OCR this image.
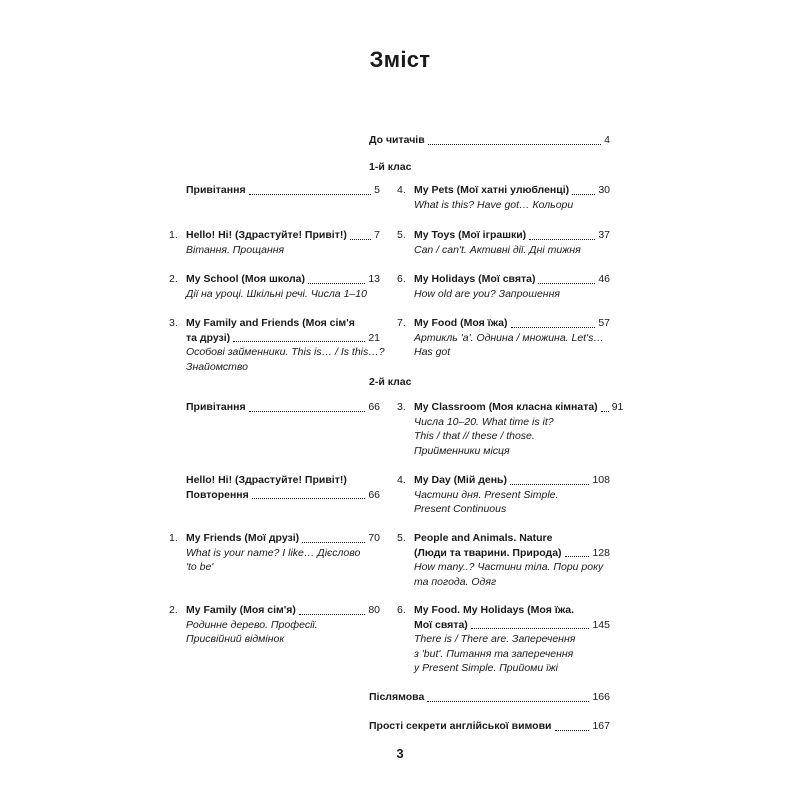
Зміст
До читачів	4
1-й клас
Привітання	5
1. Hello! Hi! (Здрастуйте! Привіт!)	7
Вітання. Прощання
2. My School (Моя школа)	13
Дії на уроці. Шкільні речі. Числа 1–10
3. My Family and Friends (Моя сім'я
та друзі)	21
Особові займенники. This is… / Is this…?
Знайомство
4. My Pets (Мої хатні улюбленці)	30
What is this? Have got… Кольори
5. My Toys (Мої іграшки)	37
Can / can't. Активні дії. Дні тижня
6. My Holidays (Мої свята)	46
How old are you? Запрошення
7. My Food (Моя їжа)	57
Артикль 'a'. Однина / множина. Let's…
Has got
2-й клас
Привітання	66
Hello! Hi! (Здрастуйте! Привіт!)
Повторення	66
1. My Friends (Мої друзі)	70
What is your name? I like… Дієслово
'to be'
2. My Family (Моя сім'я)	80
Родинне дерево. Професії.
Присвійний відмінок
3. My Classroom (Моя класна кімната) 91
Числа 10–20. What time is it?
This / that // these / those.
Прийменники місця
4. My Day (Мій день)	108
Частини дня. Present Simple.
Present Continuous
5. People and Animals. Nature
(Люди та тварини. Природа)	128
How many..? Частини тіла. Пори року
та погода. Одяг
6. My Food. My Holidays (Моя їжа.
Мої свята)	145
There is / There are. Заперечення
з 'but'. Питання та заперечення
у Present Simple. Прийоми їжі
Післямова	166
Прості секрети англійської вимови	167
3
